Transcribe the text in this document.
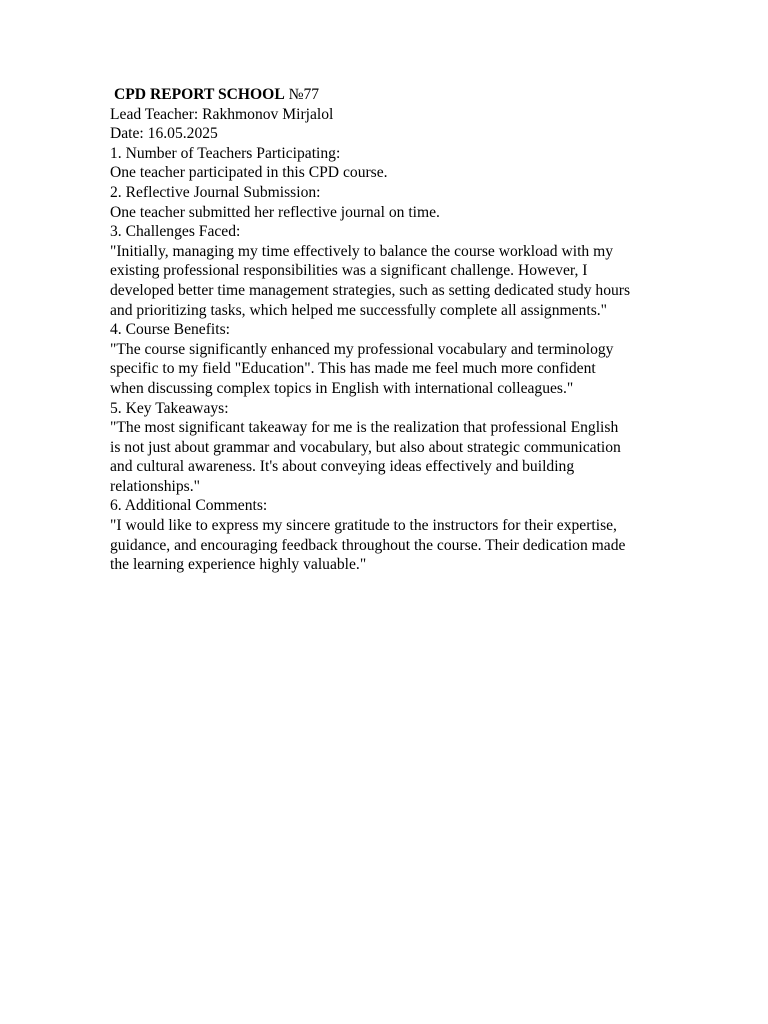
CPD REPORT SCHOOL №77
Lead Teacher: Rakhmonov Mirjalol
Date: 16.05.2025
1. Number of Teachers Participating:
One teacher participated in this CPD course.
2. Reflective Journal Submission:
One teacher submitted her reflective journal on time.
3. Challenges Faced:
"Initially, managing my time effectively to balance the course workload with my
existing professional responsibilities was a significant challenge. However, I
developed better time management strategies, such as setting dedicated study hours
and prioritizing tasks, which helped me successfully complete all assignments."
4. Course Benefits:
"The course significantly enhanced my professional vocabulary and terminology
specific to my field "Education". This has made me feel much more confident
when discussing complex topics in English with international colleagues."
5. Key Takeaways:
"The most significant takeaway for me is the realization that professional English
is not just about grammar and vocabulary, but also about strategic communication
and cultural awareness. It's about conveying ideas effectively and building
relationships."
6. Additional Comments:
"I would like to express my sincere gratitude to the instructors for their expertise,
guidance, and encouraging feedback throughout the course. Their dedication made
the learning experience highly valuable."
